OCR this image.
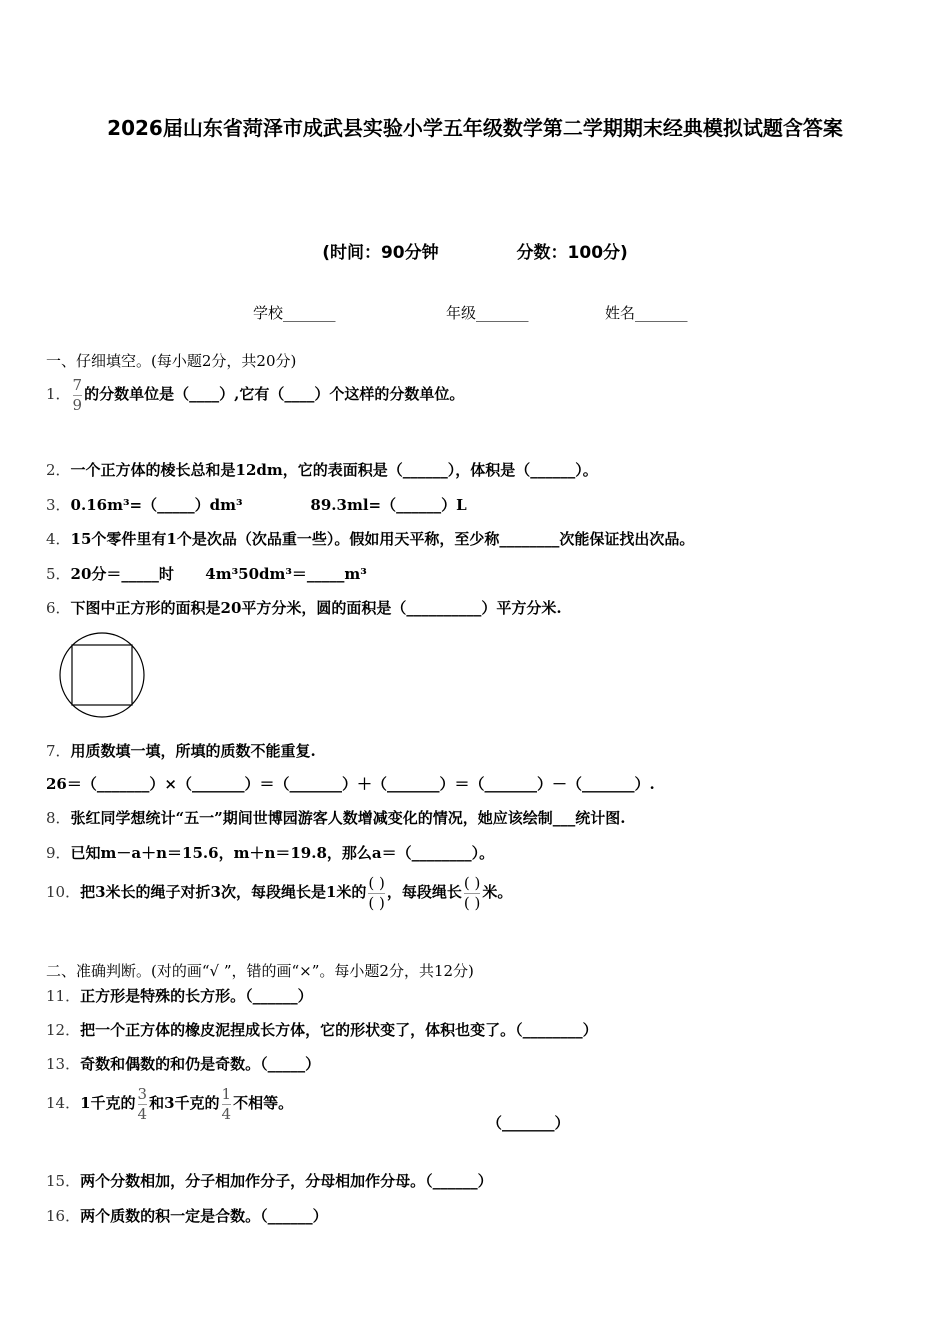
2026届山东省菏泽市成武县实验小学五年级数学第二学期期末经典模拟试题含答案
(时间：90分钟	分数：100分)
学校_______	年级_______	姓名_______
一、仔细填空。(每小题2分，共20分)
1． $\frac{7}{9}$ 的分数单位是（____）,它有（____）个这样的分数单位。
2．一个正方体的棱长总和是12dm，它的表面积是（______），体积是（______）。
3．0.16m³=（_____）dm³             89.3ml=（______）L
4．15个零件里有1个是次品（次品重一些）。假如用天平称，至少称________次能保证找出次品。
5．20分＝_____时      4m³50dm³＝_____m³
6．下图中正方形的面积是20平方分米，圆的面积是（__________）平方分米.
7．用质数填一填，所填的质数不能重复.
26＝（_______）×（_______）＝（_______）＋（_______）＝（_______）－（_______）.
8．张红同学想统计“五一”期间世博园游客人数增减变化的情况，她应该绘制___统计图.
9．已知m－a＋n＝15.6，m＋n＝19.8，那么a＝（________）。
10．把3米长的绳子对折3次，每段绳长是1米的 $\frac{( )}{( )}$ ，每段绳长 $\frac{( )}{( )}$ 米。
二、准确判断。(对的画“√ ”，错的画“×”。每小题2分，共12分)
11．正方形是特殊的长方形。（______）
12．把一个正方体的橡皮泥捏成长方体，它的形状变了，体积也变了。（________）
13．奇数和偶数的和仍是奇数。（_____）
14．1千克的 $\frac{3}{4}$ 和3千克的 $\frac{1}{4}$ 不相等。
（_______）
15．两个分数相加，分子相加作分子，分母相加作分母。（______）
16．两个质数的积一定是合数。（______）
